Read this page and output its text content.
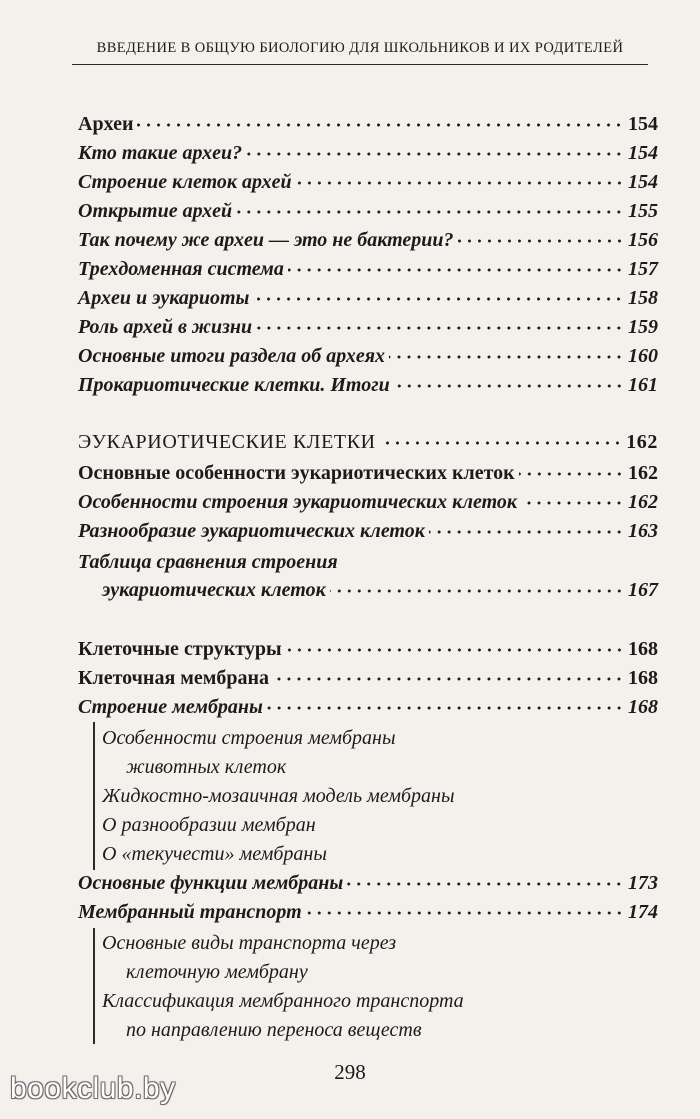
ВВЕДЕНИЕ В ОБЩУЮ БИОЛОГИЮ ДЛЯ ШКОЛЬНИКОВ И ИХ РОДИТЕЛЕЙ
Археи	154
Кто такие археи?	154
Строение клеток архей	154
Открытие архей	155
Так почему же археи — это не бактерии?	156
Трехдоменная система	157
Археи и эукариоты	158
Роль архей в жизни	159
Основные итоги раздела об археях	160
Прокариотические клетки. Итоги	161
ЭУКАРИОТИЧЕСКИЕ КЛЕТКИ	162
Основные особенности эукариотических клеток	162
Особенности строения эукариотических клеток	162
Разнообразие эукариотических клеток	163
Таблица сравнения строения
эукариотических клеток	167
Клеточные структуры	168
Клеточная мембрана	168
Строение мембраны	168
Особенности строения мембраны
животных клеток
Жидкостно-мозаичная модель мембраны
О разнообразии мембран
О «текучести» мембраны
Основные функции мембраны	173
Мембранный транспорт	174
Основные виды транспорта через
клеточную мембрану
Классификация мембранного транспорта
по направлению переноса веществ
298
bookclub.by
